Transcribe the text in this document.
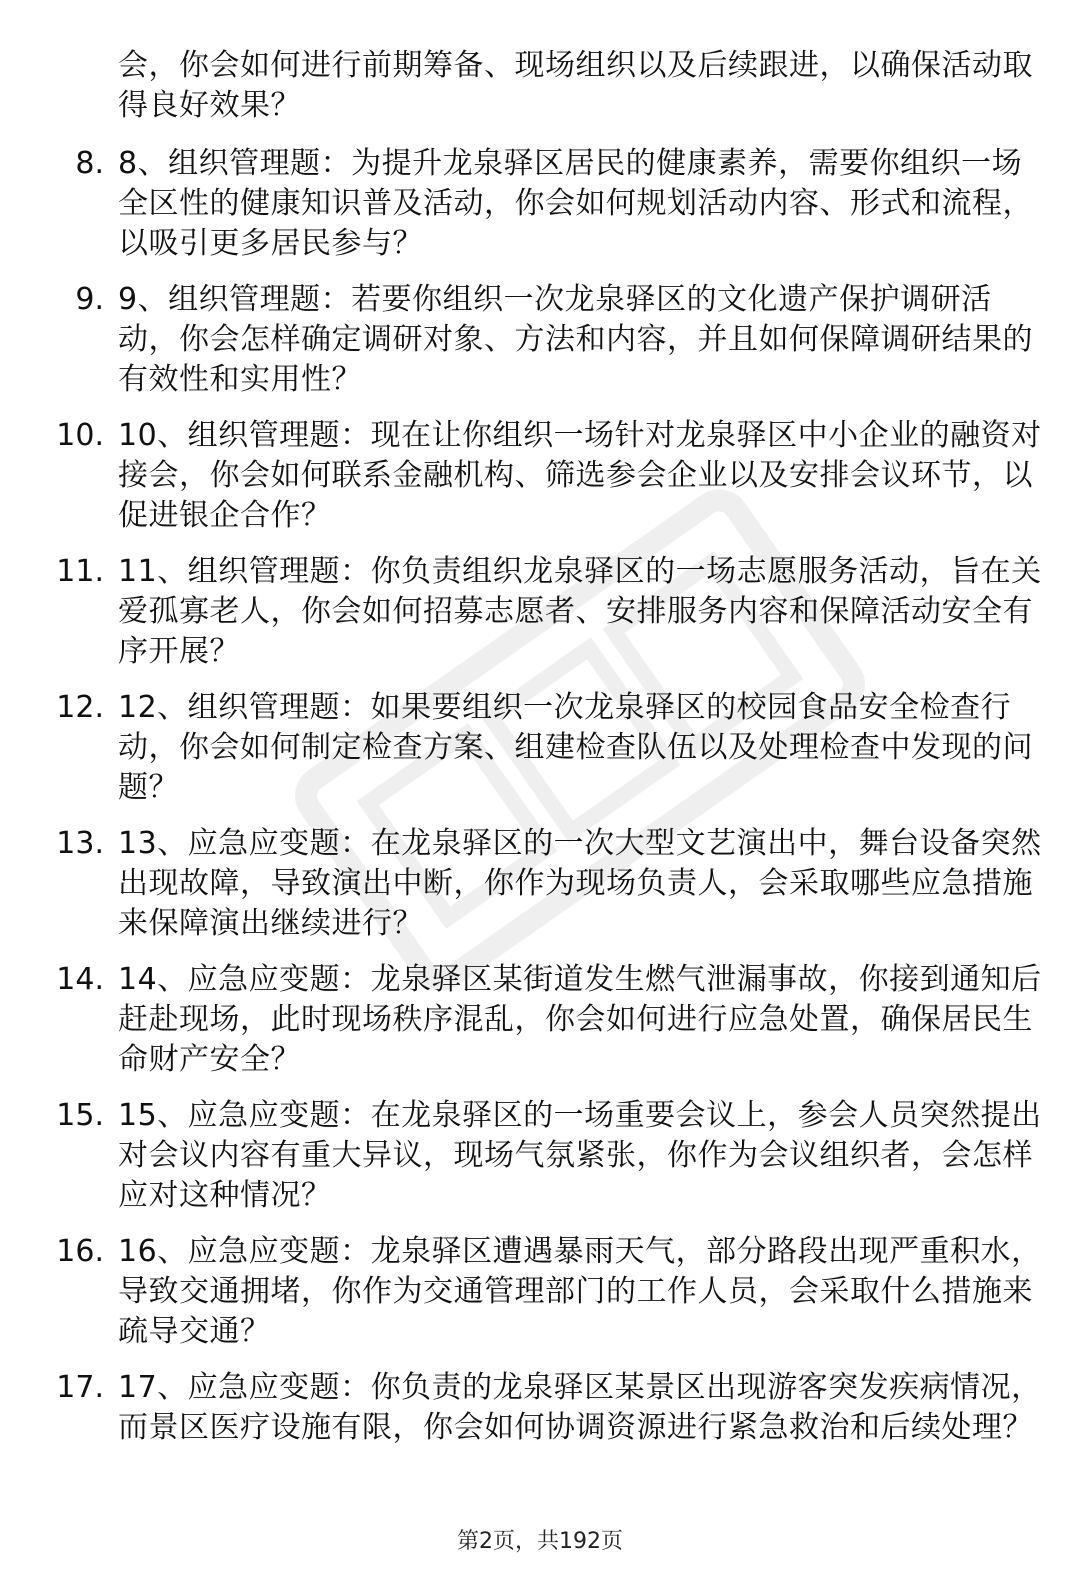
会，你会如何进行前期筹备、现场组织以及后续跟进，以确保活动取得良好效果？

8. 8、组织管理题：为提升龙泉驿区居民的健康素养，需要你组织一场全区性的健康知识普及活动，你会如何规划活动内容、形式和流程，以吸引更多居民参与？
9. 9、组织管理题：若要你组织一次龙泉驿区的文化遗产保护调研活动，你会怎样确定调研对象、方法和内容，并且如何保障调研结果的有效性和实用性？
10. 10、组织管理题：现在让你组织一场针对龙泉驿区中小企业的融资对接会，你会如何联系金融机构、筛选参会企业以及安排会议环节，以促进银企合作？
11. 11、组织管理题：你负责组织龙泉驿区的一场志愿服务活动，旨在关爱孤寡老人，你会如何招募志愿者、安排服务内容和保障活动安全有序开展？
12. 12、组织管理题：如果要组织一次龙泉驿区的校园食品安全检查行动，你会如何制定检查方案、组建检查队伍以及处理检查中发现的问题？
13. 13、应急应变题：在龙泉驿区的一次大型文艺演出中，舞台设备突然出现故障，导致演出中断，你作为现场负责人，会采取哪些应急措施来保障演出继续进行？
14. 14、应急应变题：龙泉驿区某街道发生燃气泄漏事故，你接到通知后赶赴现场，此时现场秩序混乱，你会如何进行应急处置，确保居民生命财产安全？
15. 15、应急应变题：在龙泉驿区的一场重要会议上，参会人员突然提出对会议内容有重大异议，现场气氛紧张，你作为会议组织者，会怎样应对这种情况？
16. 16、应急应变题：龙泉驿区遭遇暴雨天气，部分路段出现严重积水，导致交通拥堵，你作为交通管理部门的工作人员，会采取什么措施来疏导交通？
17. 17、应急应变题：你负责的龙泉驿区某景区出现游客突发疾病情况，而景区医疗设施有限，你会如何协调资源进行紧急救治和后续处理？
第2页，共192页
